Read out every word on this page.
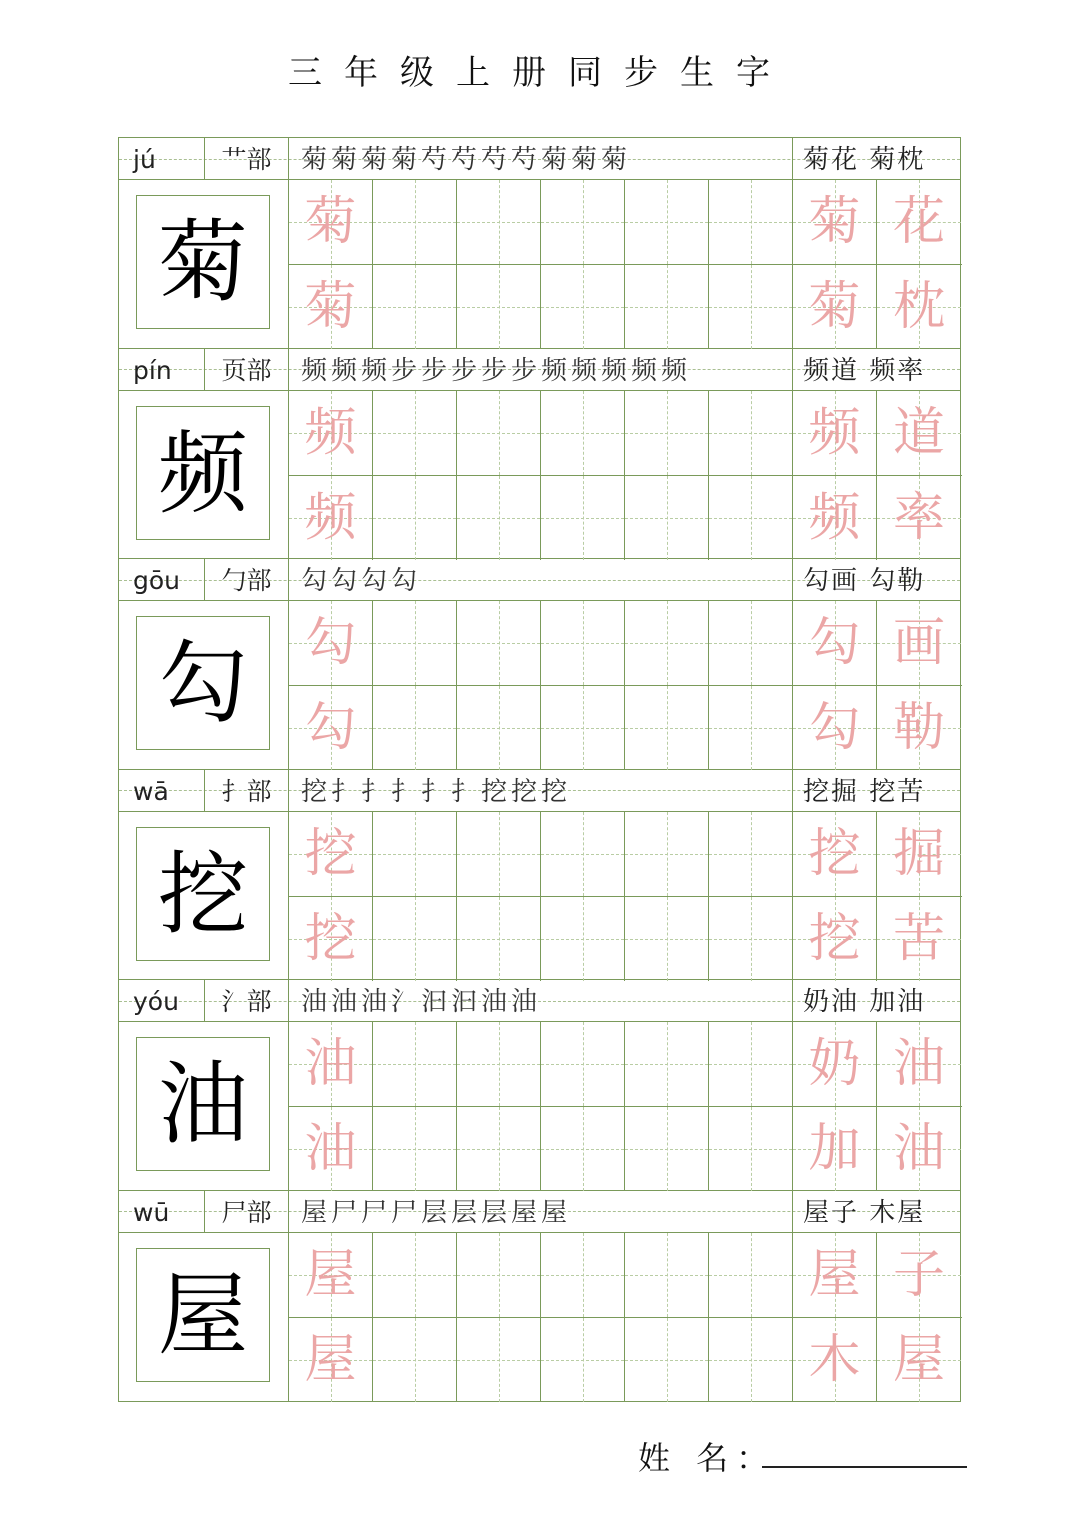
三年级上册同步生字
jú	艹部	菊菊菊菊芍芍芍芍菊菊菊	菊花 菊枕
菊	菊	菊 花
菊	菊 枕
pín	页部	频频频步步步步步频频频频频	频道 频率
频	频	频 道
频	频 率
gōu	勹部	勾勾勾勾	勾画 勾勒
勾	勾	勾 画
勾	勾 勒
wā	扌部	挖扌扌扌扌扌挖挖挖	挖掘 挖苦
挖	挖	挖 掘
挖	挖 苦
yóu	氵部	油油油氵汩汩油油	奶油 加油
油	油	奶 油
油	加 油
wū	尸部	屋尸尸尸层层层屋屋	屋子 木屋
屋	屋	屋 子
屋	木 屋
姓 名：
